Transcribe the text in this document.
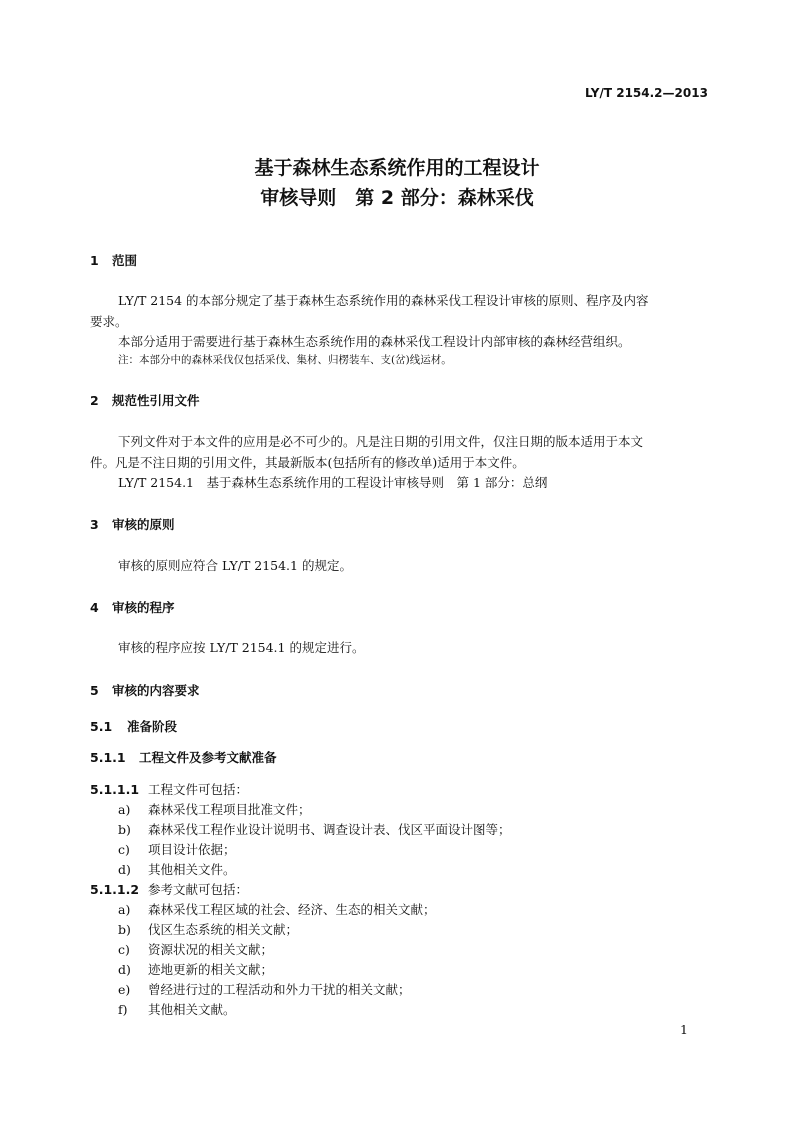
LY/T 2154.2—2013
基于森林生态系统作用的工程设计
审核导则　第 2 部分：森林采伐
1 范围
LY/T 2154 的本部分规定了基于森林生态系统作用的森林采伐工程设计审核的原则、程序及内容
要求。
本部分适用于需要进行基于森林生态系统作用的森林采伐工程设计内部审核的森林经营组织。
注：本部分中的森林采伐仅包括采伐、集材、归楞装车、支(岔)线运材。
2 规范性引用文件
下列文件对于本文件的应用是必不可少的。凡是注日期的引用文件，仅注日期的版本适用于本文
件。凡是不注日期的引用文件，其最新版本(包括所有的修改单)适用于本文件。
LY/T 2154.1　基于森林生态系统作用的工程设计审核导则　第 1 部分：总纲
3 审核的原则
审核的原则应符合 LY/T 2154.1 的规定。
4 审核的程序
审核的程序应按 LY/T 2154.1 的规定进行。
5 审核的内容要求
5.1 准备阶段
5.1.1 工程文件及参考文献准备
5.1.1.1 工程文件可包括：
a) 森林采伐工程项目批准文件；
b) 森林采伐工程作业设计说明书、调查设计表、伐区平面设计图等；
c) 项目设计依据；
d) 其他相关文件。
5.1.1.2 参考文献可包括：
a) 森林采伐工程区域的社会、经济、生态的相关文献；
b) 伐区生态系统的相关文献；
c) 资源状况的相关文献；
d) 迹地更新的相关文献；
e) 曾经进行过的工程活动和外力干扰的相关文献；
f) 其他相关文献。
1
